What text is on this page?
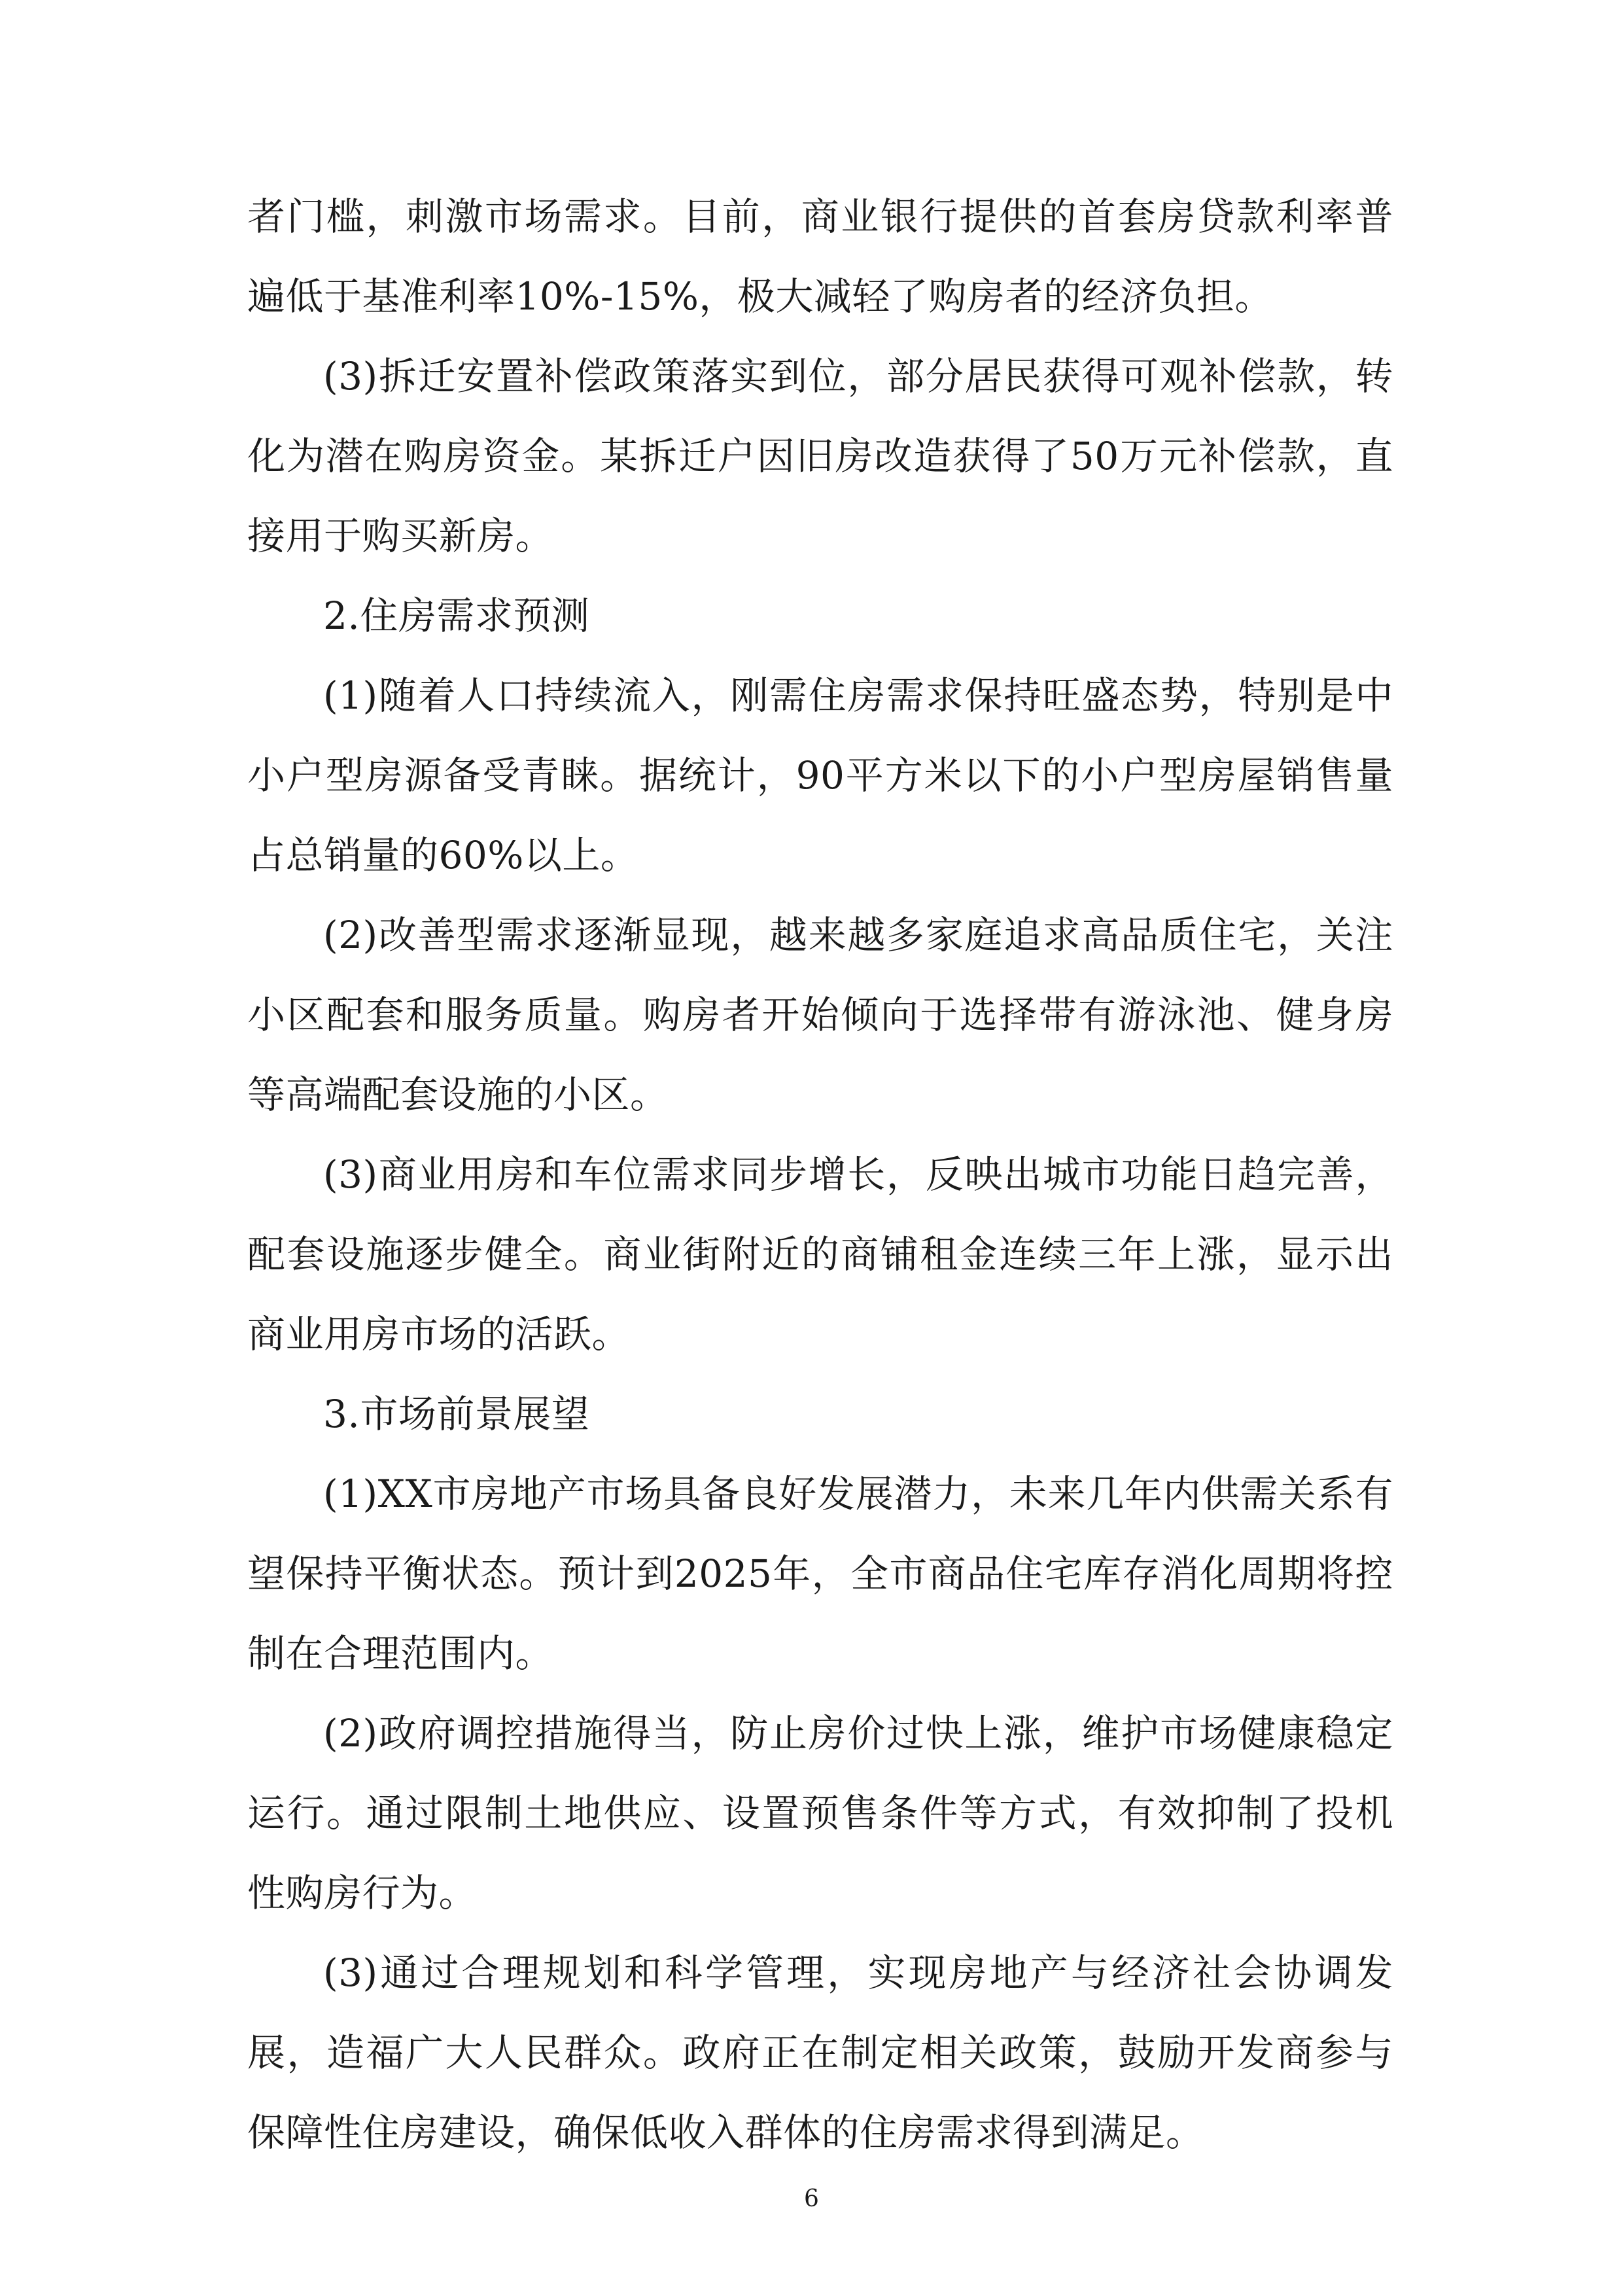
者门槛，刺激市场需求。目前，商业银行提供的首套房贷款利率普遍低于基准利率10%-15%，极大减轻了购房者的经济负担。

(3)拆迁安置补偿政策落实到位，部分居民获得可观补偿款，转化为潜在购房资金。某拆迁户因旧房改造获得了50万元补偿款，直接用于购买新房。

2.住房需求预测

(1)随着人口持续流入，刚需住房需求保持旺盛态势，特别是中小户型房源备受青睐。据统计，90平方米以下的小户型房屋销售量占总销量的60%以上。

(2)改善型需求逐渐显现，越来越多家庭追求高品质住宅，关注小区配套和服务质量。购房者开始倾向于选择带有游泳池、健身房等高端配套设施的小区。

(3)商业用房和车位需求同步增长，反映出城市功能日趋完善，配套设施逐步健全。商业街附近的商铺租金连续三年上涨，显示出商业用房市场的活跃。

3.市场前景展望

(1)XX市房地产市场具备良好发展潜力，未来几年内供需关系有望保持平衡状态。预计到2025年，全市商品住宅库存消化周期将控制在合理范围内。

(2)政府调控措施得当，防止房价过快上涨，维护市场健康稳定运行。通过限制土地供应、设置预售条件等方式，有效抑制了投机性购房行为。

(3)通过合理规划和科学管理，实现房地产与经济社会协调发展，造福广大人民群众。政府正在制定相关政策，鼓励开发商参与保障性住房建设，确保低收入群体的住房需求得到满足。

6
